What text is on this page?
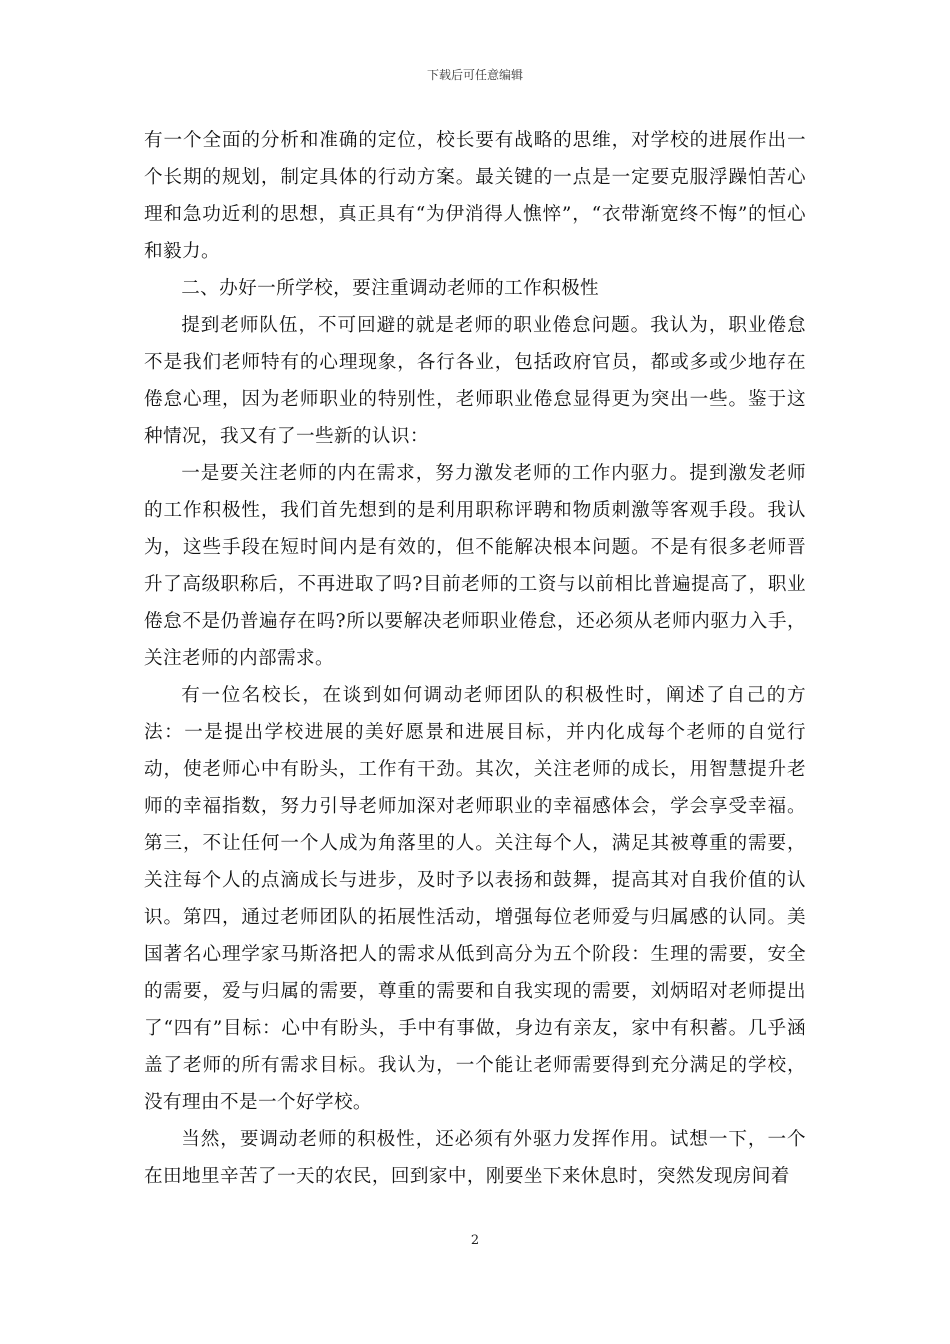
下载后可任意编辑

有一个全面的分析和准确的定位，校长要有战略的思维，对学校的进展作出一个长期的规划，制定具体的行动方案。最关键的一点是一定要克服浮躁怕苦心理和急功近利的思想，真正具有“为伊消得人憔悴”，“衣带渐宽终不悔”的恒心和毅力。

二、办好一所学校，要注重调动老师的工作积极性

提到老师队伍，不可回避的就是老师的职业倦怠问题。我认为，职业倦怠不是我们老师特有的心理现象，各行各业，包括政府官员，都或多或少地存在倦怠心理，因为老师职业的特别性，老师职业倦怠显得更为突出一些。鉴于这种情况，我又有了一些新的认识：

一是要关注老师的内在需求，努力激发老师的工作内驱力。提到激发老师的工作积极性，我们首先想到的是利用职称评聘和物质刺激等客观手段。我认为，这些手段在短时间内是有效的，但不能解决根本问题。不是有很多老师晋升了高级职称后，不再进取了吗?目前老师的工资与以前相比普遍提高了，职业倦怠不是仍普遍存在吗?所以要解决老师职业倦怠，还必须从老师内驱力入手，关注老师的内部需求。

有一位名校长，在谈到如何调动老师团队的积极性时，阐述了自己的方法：一是提出学校进展的美好愿景和进展目标，并内化成每个老师的自觉行动，使老师心中有盼头，工作有干劲。其次，关注老师的成长，用智慧提升老师的幸福指数，努力引导老师加深对老师职业的幸福感体会，学会享受幸福。第三，不让任何一个人成为角落里的人。关注每个人，满足其被尊重的需要，关注每个人的点滴成长与进步，及时予以表扬和鼓舞，提高其对自我价值的认识。第四，通过老师团队的拓展性活动，增强每位老师爱与归属感的认同。美国著名心理学家马斯洛把人的需求从低到高分为五个阶段：生理的需要，安全的需要，爱与归属的需要，尊重的需要和自我实现的需要，刘炳昭对老师提出了“四有”目标：心中有盼头，手中有事做，身边有亲友，家中有积蓄。几乎涵盖了老师的所有需求目标。我认为，一个能让老师需要得到充分满足的学校，没有理由不是一个好学校。

当然，要调动老师的积极性，还必须有外驱力发挥作用。试想一下，一个在田地里辛苦了一天的农民，回到家中，刚要坐下来休息时，突然发现房间着

2
